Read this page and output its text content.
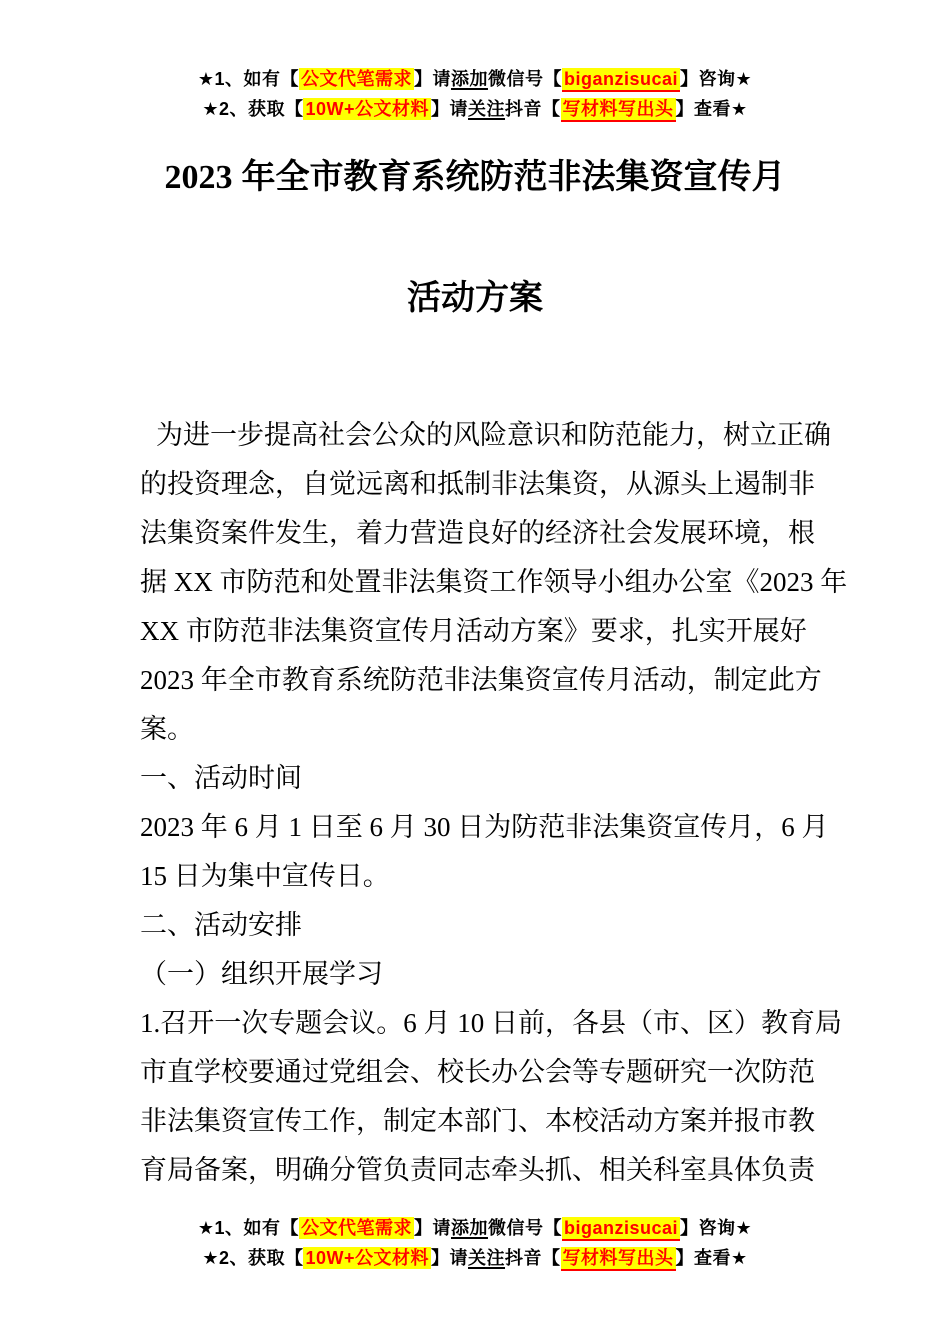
★1、如有【 公文代笔需求 】请添加微信号【 biganzisucai 】咨询★
★2、获取【 10W+公文材料 】请关注抖音【 写材料写出头 】查看★
2023 年全市教育系统防范非法集资宣传月
活动方案
为进一步提高社会公众的风险意识和防范能力，树立正确
的投资理念，自觉远离和抵制非法集资，从源头上遏制非
法集资案件发生，着力营造良好的经济社会发展环境，根
据 XX 市防范和处置非法集资工作领导小组办公室《2023 年
XX 市防范非法集资宣传月活动方案》要求，扎实开展好
2023 年全市教育系统防范非法集资宣传月活动，制定此方
案。
一、活动时间
2023 年 6 月 1 日至 6 月 30 日为防范非法集资宣传月，6 月
15 日为集中宣传日。
二、活动安排
（一）组织开展学习
1.召开一次专题会议。6 月 10 日前，各县（市、区）教育局
市直学校要通过党组会、校长办公会等专题研究一次防范
非法集资宣传工作，制定本部门、本校活动方案并报市教
育局备案，明确分管负责同志牵头抓、相关科室具体负责
★1、如有【 公文代笔需求 】请添加微信号【 biganzisucai 】咨询★
★2、获取【 10W+公文材料 】请关注抖音【 写材料写出头 】查看★
